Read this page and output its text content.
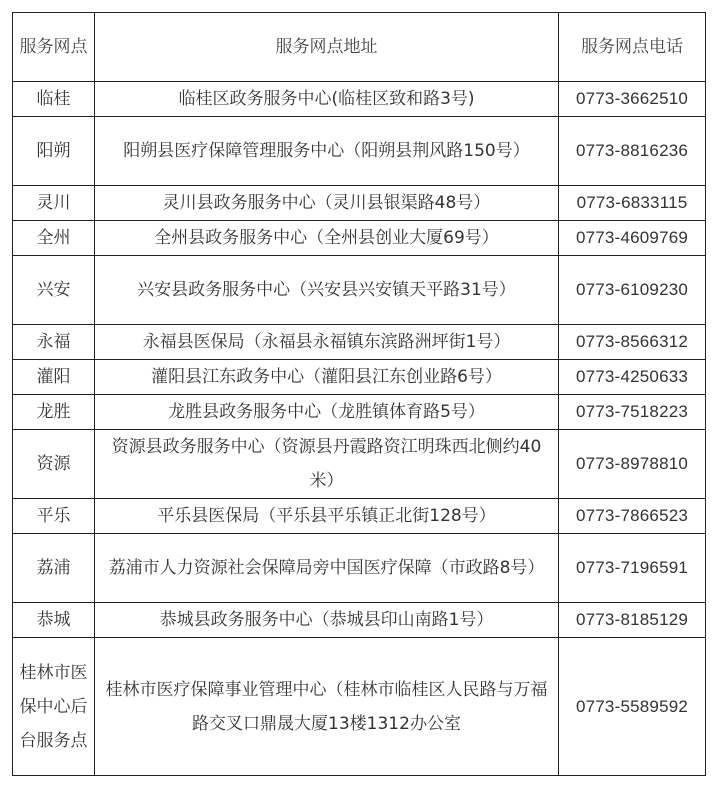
服务网点	服务网点地址	服务网点电话
临桂	临桂区政务服务中心(临桂区致和路3号)	0773-3662510
阳朔	阳朔县医疗保障管理服务中心（阳朔县荆风路150号）	0773-8816236
灵川	灵川县政务服务中心（灵川县银渠路48号）	0773-6833115
全州	全州县政务服务中心（全州县创业大厦69号）	0773-4609769
兴安	兴安县政务服务中心（兴安县兴安镇天平路31号）	0773-6109230
永福	永福县医保局（永福县永福镇东滨路洲坪街1号）	0773-8566312
灌阳	灌阳县江东政务中心（灌阳县江东创业路6号）	0773-4250633
龙胜	龙胜县政务服务中心（龙胜镇体育路5号）	0773-7518223
资源	资源县政务服务中心（资源县丹霞路资江明珠西北侧约40米）	0773-8978810
平乐	平乐县医保局（平乐县平乐镇正北街128号）	0773-7866523
荔浦	荔浦市人力资源社会保障局旁中国医疗保障（市政路8号）	0773-7196591
恭城	恭城县政务服务中心（恭城县印山南路1号）	0773-8185129
桂林市医保中心后台服务点	桂林市医疗保障事业管理中心（桂林市临桂区人民路与万福路交叉口鼎晟大厦13楼1312办公室	0773-5589592
